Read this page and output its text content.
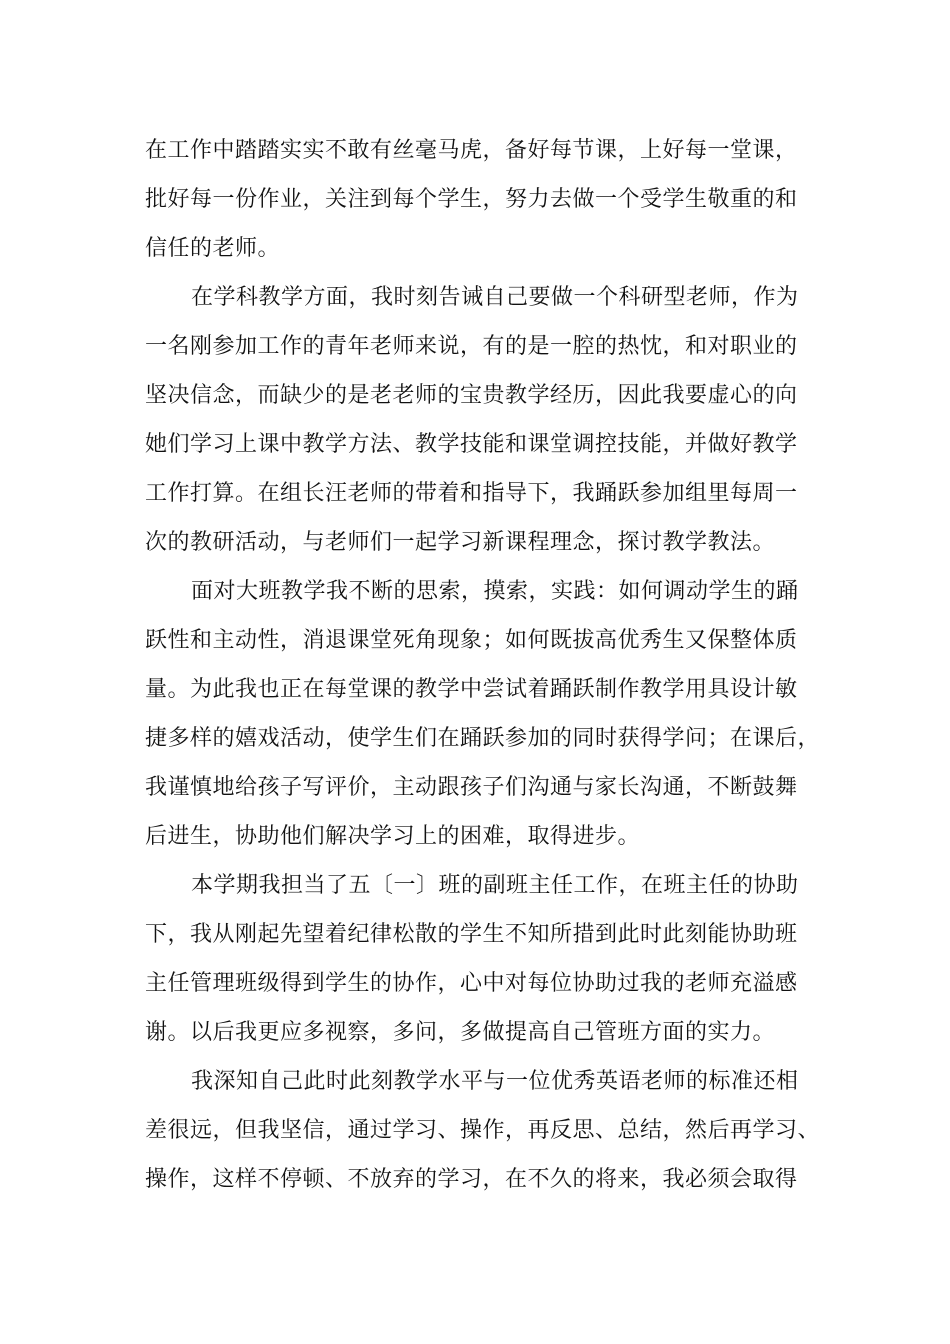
在工作中踏踏实实不敢有丝毫马虎，备好每节课，上好每一堂课，
批好每一份作业，关注到每个学生，努力去做一个受学生敬重的和
信任的老师。

在学科教学方面，我时刻告诫自己要做一个科研型老师，作为
一名刚参加工作的青年老师来说，有的是一腔的热忱，和对职业的
坚决信念，而缺少的是老老师的宝贵教学经历，因此我要虚心的向
她们学习上课中教学方法、教学技能和课堂调控技能，并做好教学
工作打算。在组长汪老师的带着和指导下，我踊跃参加组里每周一
次的教研活动，与老师们一起学习新课程理念，探讨教学教法。

面对大班教学我不断的思索，摸索，实践：如何调动学生的踊
跃性和主动性，消退课堂死角现象；如何既拔高优秀生又保整体质
量。为此我也正在每堂课的教学中尝试着踊跃制作教学用具设计敏
捷多样的嬉戏活动，使学生们在踊跃参加的同时获得学问；在课后，
我谨慎地给孩子写评价，主动跟孩子们沟通与家长沟通，不断鼓舞
后进生，协助他们解决学习上的困难，取得进步。

本学期我担当了五〔一〕班的副班主任工作，在班主任的协助
下，我从刚起先望着纪律松散的学生不知所措到此时此刻能协助班
主任管理班级得到学生的协作，心中对每位协助过我的老师充溢感
谢。以后我更应多视察，多问，多做提高自己管班方面的实力。

我深知自己此时此刻教学水平与一位优秀英语老师的标准还相
差很远，但我坚信，通过学习、操作，再反思、总结，然后再学习、
操作，这样不停顿、不放弃的学习，在不久的将来，我必须会取得
